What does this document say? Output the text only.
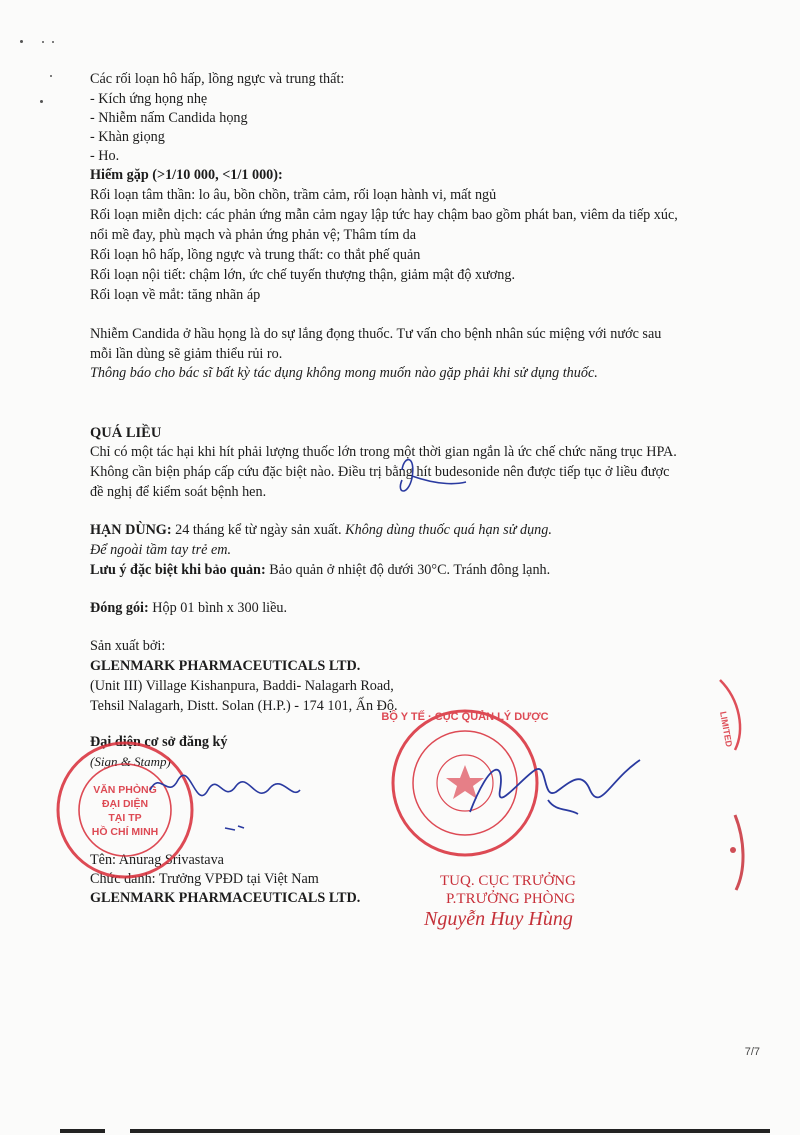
Các rối loạn hô hấp, lồng ngực và trung thất:

- Kích ứng họng nhẹ

- Nhiễm nấm Candida họng

- Khàn giọng

- Ho.

Hiếm gặp (>1/10 000, <1/1 000):

Rối loạn tâm thần: lo âu, bồn chồn, trầm cảm, rối loạn hành vi, mất ngủ

Rối loạn miễn dịch: các phản ứng mẫn cảm ngay lập tức hay chậm bao gồm phát ban, viêm da tiếp xúc,

nổi mề đay, phù mạch và phản ứng phản vệ; Thâm tím da

Rối loạn hô hấp, lồng ngực và trung thất: co thắt phế quản

Rối loạn nội tiết: chậm lớn, ức chế tuyến thượng thận, giảm mật độ xương.

Rối loạn về mắt: tăng nhãn áp

Nhiễm Candida ở hầu họng là do sự lắng đọng thuốc. Tư vấn cho bệnh nhân súc miệng với nước sau

mỗi lần dùng sẽ giảm thiểu rủi ro.

Thông báo cho bác sĩ bất kỳ tác dụng không mong muốn nào gặp phải khi sử dụng thuốc.

QUÁ LIỀU

Chỉ có một tác hại khi hít phải lượng thuốc lớn trong một thời gian ngắn là ức chế chức năng trục HPA.

Không cần biện pháp cấp cứu đặc biệt nào. Điều trị bằng hít budesonide nên được tiếp tục ở liều được

đề nghị để kiểm soát bệnh hen.

HẠN DÙNG: 24 tháng kể từ ngày sản xuất. Không dùng thuốc quá hạn sử dụng.

Để ngoài tầm tay trẻ em.

Lưu ý đặc biệt khi bảo quản: Bảo quản ở nhiệt độ dưới 30°C. Tránh đông lạnh.

Đóng gói: Hộp 01 bình x 300 liều.

Sản xuất bởi:

GLENMARK PHARMACEUTICALS LTD.

(Unit III) Village Kishanpura, Baddi- Nalagarh Road,

Tehsil Nalagarh, Distt. Solan (H.P.) - 174 101, Ấn Độ.

Đại diện cơ sở đăng ký

(Sign & Stamp)

Tên: Anurag Srivastava

Chức danh: Trưởng VPĐD tại Việt Nam

GLENMARK PHARMACEUTICALS LTD.

VĂN PHÒNG
ĐẠI DIỆN
TẠI TP
HỒ CHÍ MINH
BỘ Y TẾ · CỤC QUẢN LÝ DƯỢC	LIMITED
TUQ. CỤC TRƯỞNG
P.TRƯỞNG PHÒNG
Nguyễn Huy Hùng
7/7
